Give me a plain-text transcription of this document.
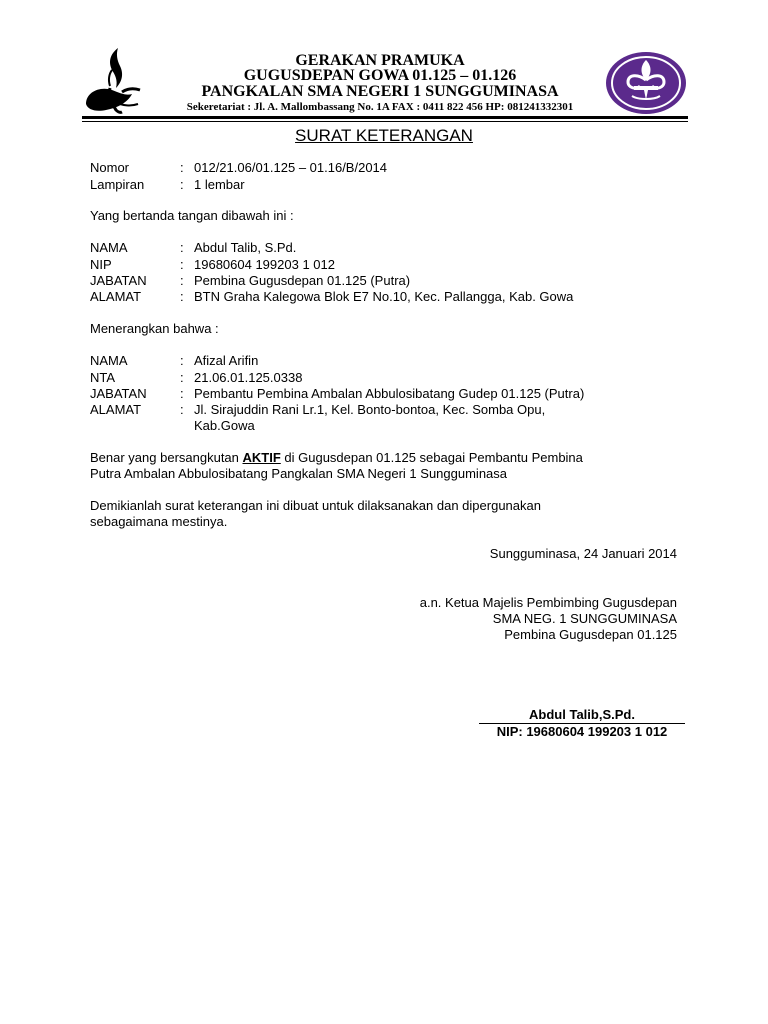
GERAKAN PRAMUKA
GUGUSDEPAN GOWA 01.125 – 01.126
PANGKALAN SMA NEGERI 1 SUNGGUMINASA
Sekeretariat : Jl. A. Mallombassang No. 1A FAX : 0411 822 456 HP: 081241332301
SURAT KETERANGAN
Nomor	: 012/21.06/01.125 – 01.16/B/2014
Lampiran	: 1 lembar
Yang bertanda tangan dibawah ini :
NAMA	: Abdul Talib, S.Pd.
NIP	: 19680604 199203 1 012
JABATAN	: Pembina Gugusdepan 01.125 (Putra)
ALAMAT	: BTN Graha Kalegowa Blok E7 No.10, Kec. Pallangga, Kab. Gowa
Menerangkan bahwa :
NAMA	: Afizal Arifin
NTA	: 21.06.01.125.0338
JABATAN	: Pembantu Pembina Ambalan Abbulosibatang Gudep 01.125 (Putra)
ALAMAT	: Jl. Sirajuddin Rani Lr.1, Kel. Bonto-bontoa, Kec. Somba Opu,
Kab.Gowa
Benar yang bersangkutan AKTIF di Gugusdepan 01.125 sebagai Pembantu Pembina
Putra Ambalan Abbulosibatang Pangkalan SMA Negeri 1 Sungguminasa
Demikianlah surat keterangan ini dibuat untuk dilaksanakan dan dipergunakan
sebagaimana mestinya.
Sungguminasa, 24 Januari 2014
a.n. Ketua Majelis Pembimbing Gugusdepan
SMA NEG. 1 SUNGGUMINASA
Pembina Gugusdepan 01.125
Abdul Talib,S.Pd.
NIP: 19680604 199203 1 012
